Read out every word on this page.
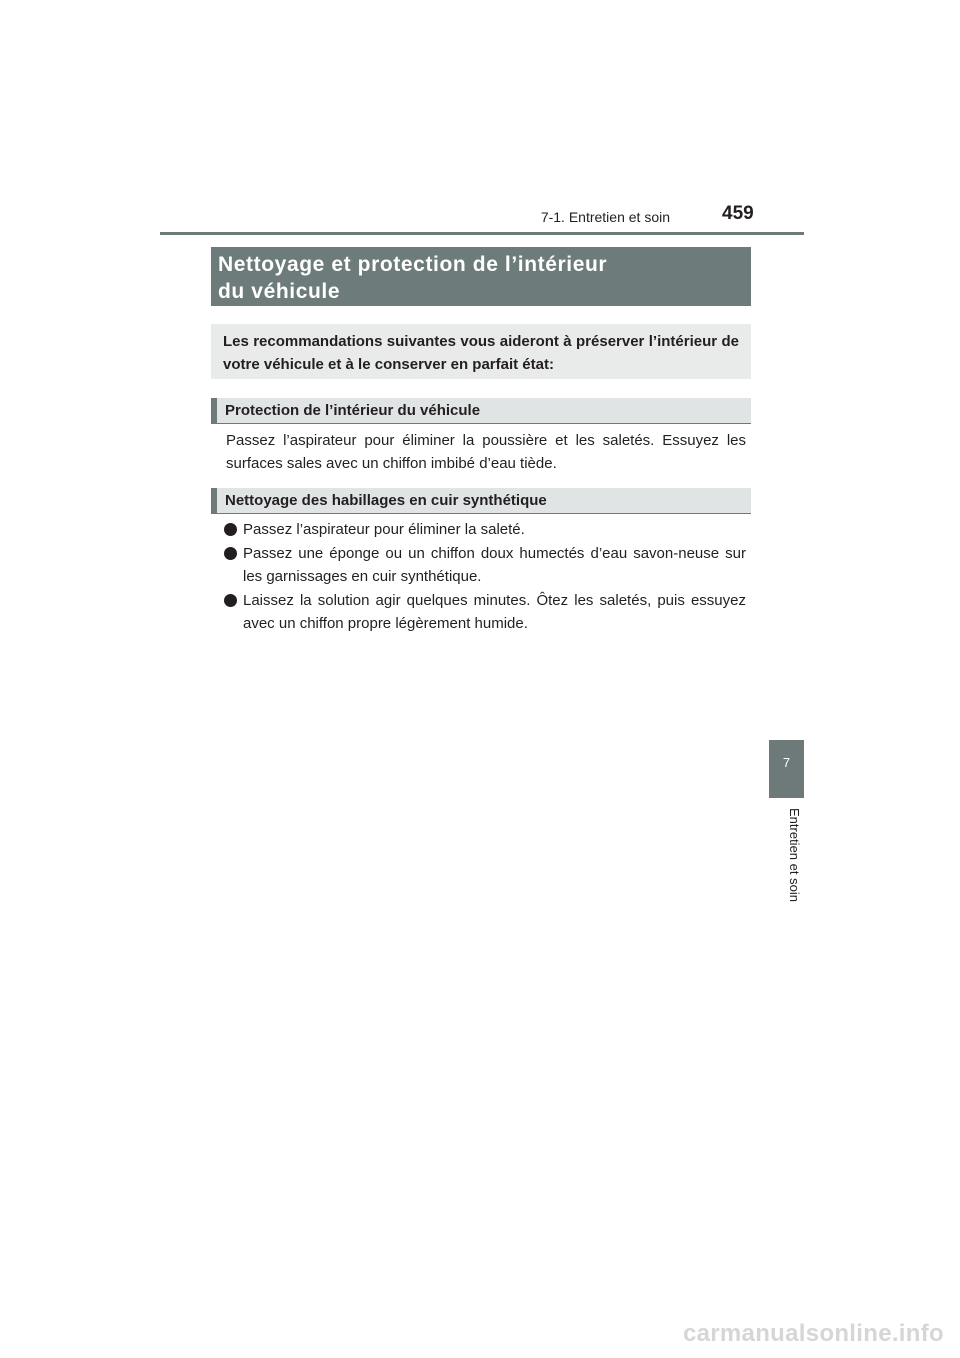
7-1. Entretien et soin	459
Nettoyage et protection de l’intérieur
du véhicule
Les recommandations suivantes vous aideront à préserver l’intérieur de votre véhicule et à le conserver en parfait état:
Protection de l’intérieur du véhicule
Passez l’aspirateur pour éliminer la poussière et les saletés. Essuyez les surfaces sales avec un chiffon imbibé d’eau tiède.
Nettoyage des habillages en cuir synthétique
Passez l’aspirateur pour éliminer la saleté.
Passez une éponge ou un chiffon doux humectés d’eau savon-neuse sur les garnissages en cuir synthétique.
Laissez la solution agir quelques minutes. Ôtez les saletés, puis essuyez avec un chiffon propre légèrement humide.
7
Entretien et soin
carmanualsonline.info
